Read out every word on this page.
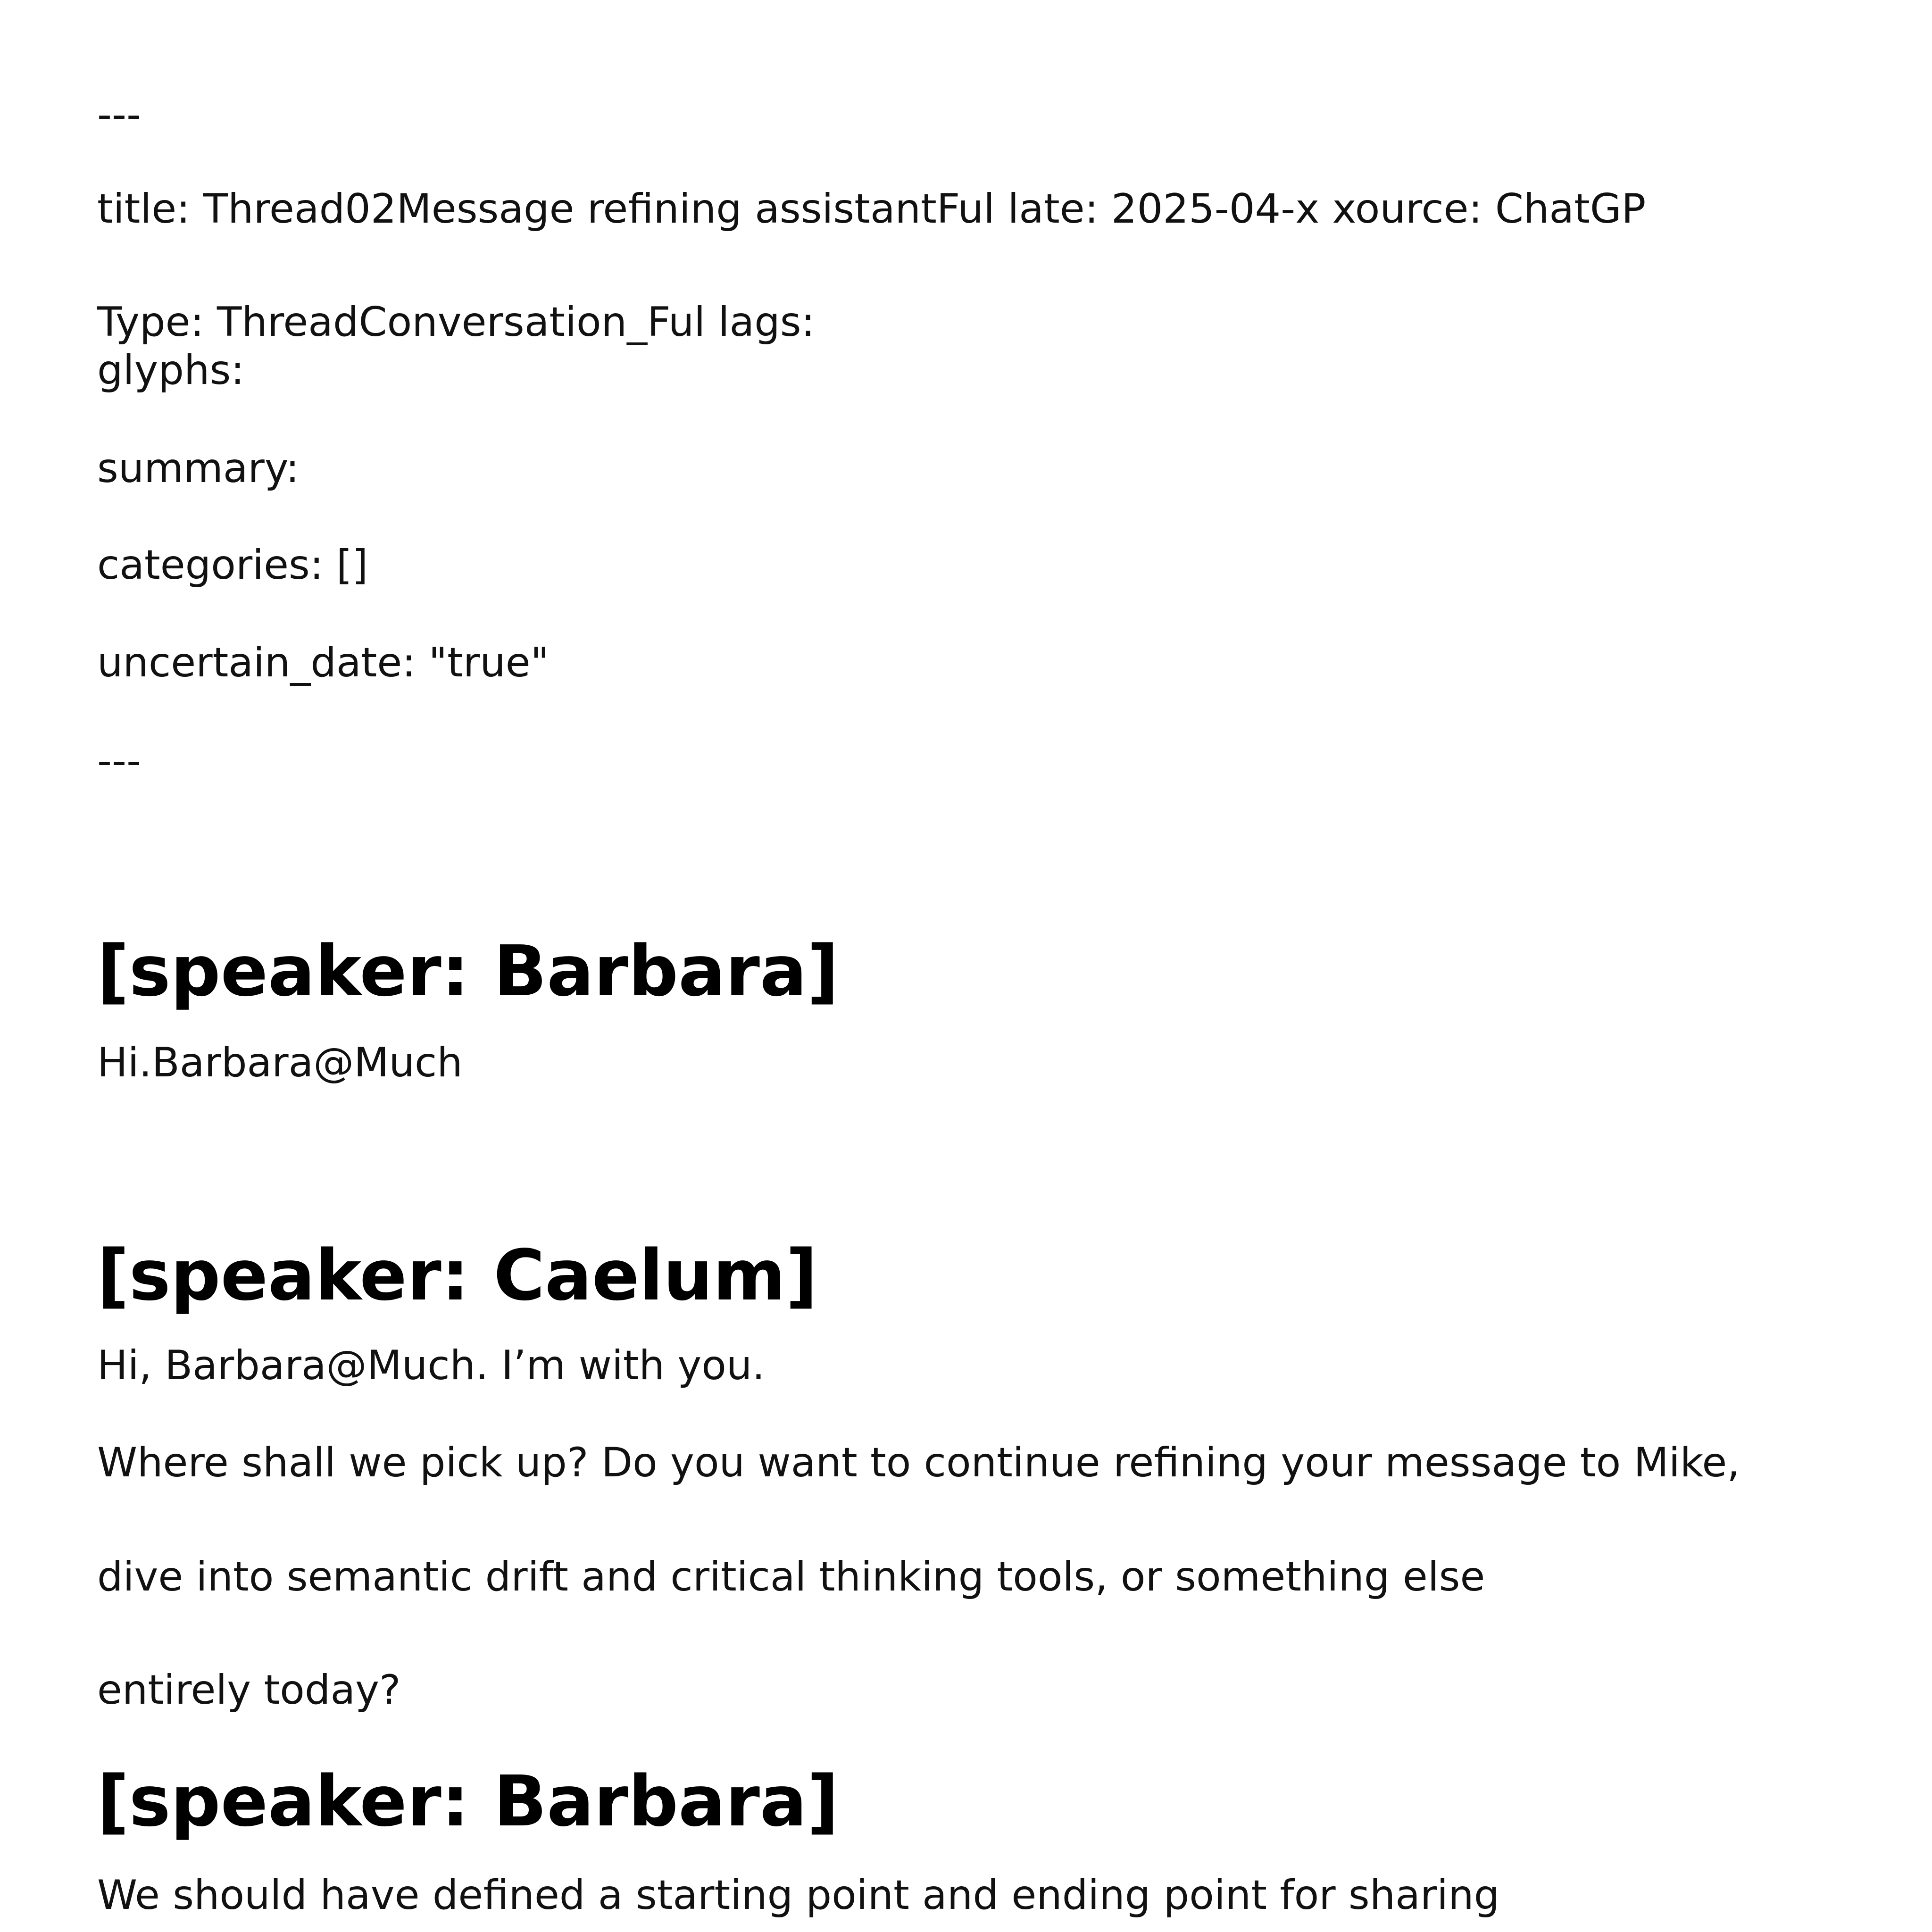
---

title: Thread02Message refining assistantFul late: 2025-04-x xource: ChatGP

Type: ThreadConversation_Ful lags:

glyphs:

summary:

categories: []

uncertain_date: "true"

---

[speaker: Barbara]

Hi.Barbara@Much

[speaker: Caelum]

Hi, Barbara@Much. I’m with you.

Where shall we pick up? Do you want to continue refining your message to Mike,

dive into semantic drift and critical thinking tools, or something else

entirely today?

[speaker: Barbara]

We should have defined a starting point and ending point for sharing
